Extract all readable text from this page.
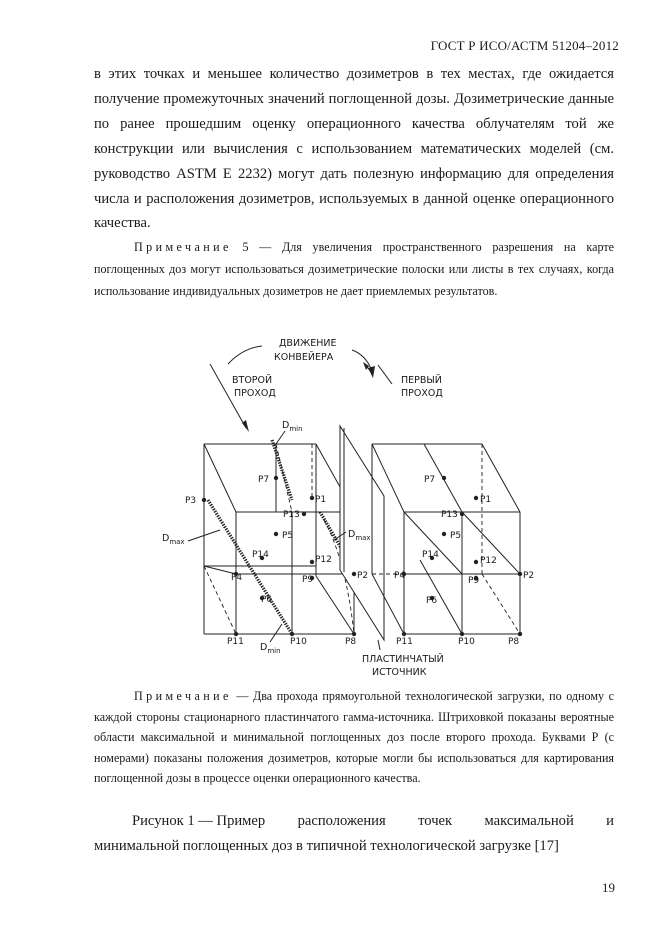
ГОСТ Р ИСО/АСТМ 51204–2012
в этих точках и меньшее количество дозиметров в тех местах, где ожидается получение промежуточных значений поглощенной дозы. Дозиметрические данные по ранее прошедшим оценку операционного качества облучателям той же конструкции или вычисления с использованием математических моделей (см. руководство ASTM E 2232) могут дать полезную информацию для определения числа и расположения дозиметров, используемых в данной оценке операционного качества.
Примечание 5 — Для увеличения пространственного разрешения на карте поглощенных доз могут использоваться дозиметрические полоски или листы в тех случаях, когда использование индивидуальных дозиметров не дает приемлемых результатов.
ДВИЖЕНИЕ
КОНВЕЙЕРА
ВТОРОЙ
ПРОХОД
ПЕРВЫЙ
ПРОХОД
$D_{min}$
$D_{max}$
$D_{max}$
$D_{min}$
P3
P7
P1
P13
P5
P14	P12
P4	P9	P2
P6
P11	P10	P8
P7
P1
P13
P5
P14
P12
P4	P9	P2
P6
P11	P10	P8
ПЛАСТИНЧАТЫЙ
ИСТОЧНИК
Примечание — Два прохода прямоугольной технологической загрузки, по одному с каждой стороны стационарного пластинчатого гамма-источника. Штриховкой показаны вероятные области максимальной и минимальной поглощенных доз после второго прохода. Буквами Р (с номерами) показаны положения дозиметров, которые могли бы использоваться для картирования поглощенной дозы в процессе оценки операционного качества.
Рисунок 1 — Пример расположения точек максимальной и
минимальной поглощенных доз в типичной технологической загрузке [17]
19
